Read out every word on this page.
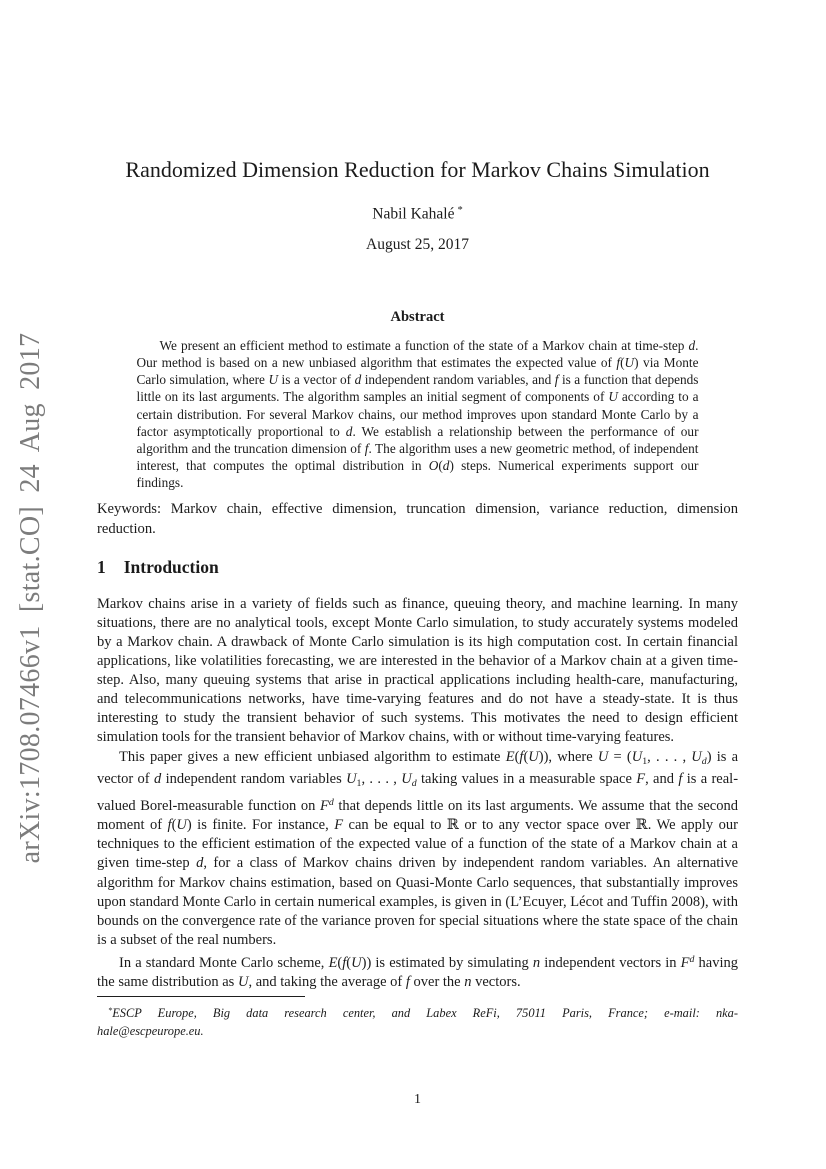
arXiv:1708.07466v1 [stat.CO] 24 Aug 2017
Randomized Dimension Reduction for Markov Chains Simulation
Nabil Kahalé *
August 25, 2017
Abstract

We present an efficient method to estimate a function of the state of a Markov chain at time-step d. Our method is based on a new unbiased algorithm that estimates the expected value of f(U) via Monte Carlo simulation, where U is a vector of d independent random variables, and f is a function that depends little on its last arguments. The algorithm samples an initial segment of components of U according to a certain distribution. For several Markov chains, our method improves upon standard Monte Carlo by a factor asymptotically proportional to d. We establish a relationship between the performance of our algorithm and the truncation dimension of f. The algorithm uses a new geometric method, of independent interest, that computes the optimal distribution in O(d) steps. Numerical experiments support our findings.

Keywords: Markov chain, effective dimension, truncation dimension, variance reduction, dimension reduction.

1 Introduction

Markov chains arise in a variety of fields such as finance, queuing theory, and machine learning. In many situations, there are no analytical tools, except Monte Carlo simulation, to study accurately systems modeled by a Markov chain. A drawback of Monte Carlo simulation is its high computation cost. In certain financial applications, like volatilities forecasting, we are interested in the behavior of a Markov chain at a given time-step. Also, many queuing systems that arise in practical applications including health-care, manufacturing, and telecommunications networks, have time-varying features and do not have a steady-state. It is thus interesting to study the transient behavior of such systems. This motivates the need to design efficient simulation tools for the transient behavior of Markov chains, with or without time-varying features.

This paper gives a new efficient unbiased algorithm to estimate E(f(U)), where U = (U1, . . . , Ud) is a vector of d independent random variables U1, . . . , Ud taking values in a measurable space F, and f is a real-valued Borel-measurable function on $F^d$ that depends little on its last arguments. We assume that the second moment of f(U) is finite. For instance, F can be equal to ℝ or to any vector space over ℝ. We apply our techniques to the efficient estimation of the expected value of a function of the state of a Markov chain at a given time-step d, for a class of Markov chains driven by independent random variables. An alternative algorithm for Markov chains estimation, based on Quasi-Monte Carlo sequences, that substantially improves upon standard Monte Carlo in certain numerical examples, is given in (L’Ecuyer, Lécot and Tuffin 2008), with bounds on the convergence rate of the variance proven for special situations where the state space of the chain is a subset of the real numbers.

In a standard Monte Carlo scheme, E(f(U)) is estimated by simulating n independent vectors in $F^d$ having the same distribution as U, and taking the average of f over the n vectors.

*ESCP Europe, Big data research center, and Labex ReFi, 75011 Paris, France; e-mail: nka-
hale@escpeurope.eu.
1
